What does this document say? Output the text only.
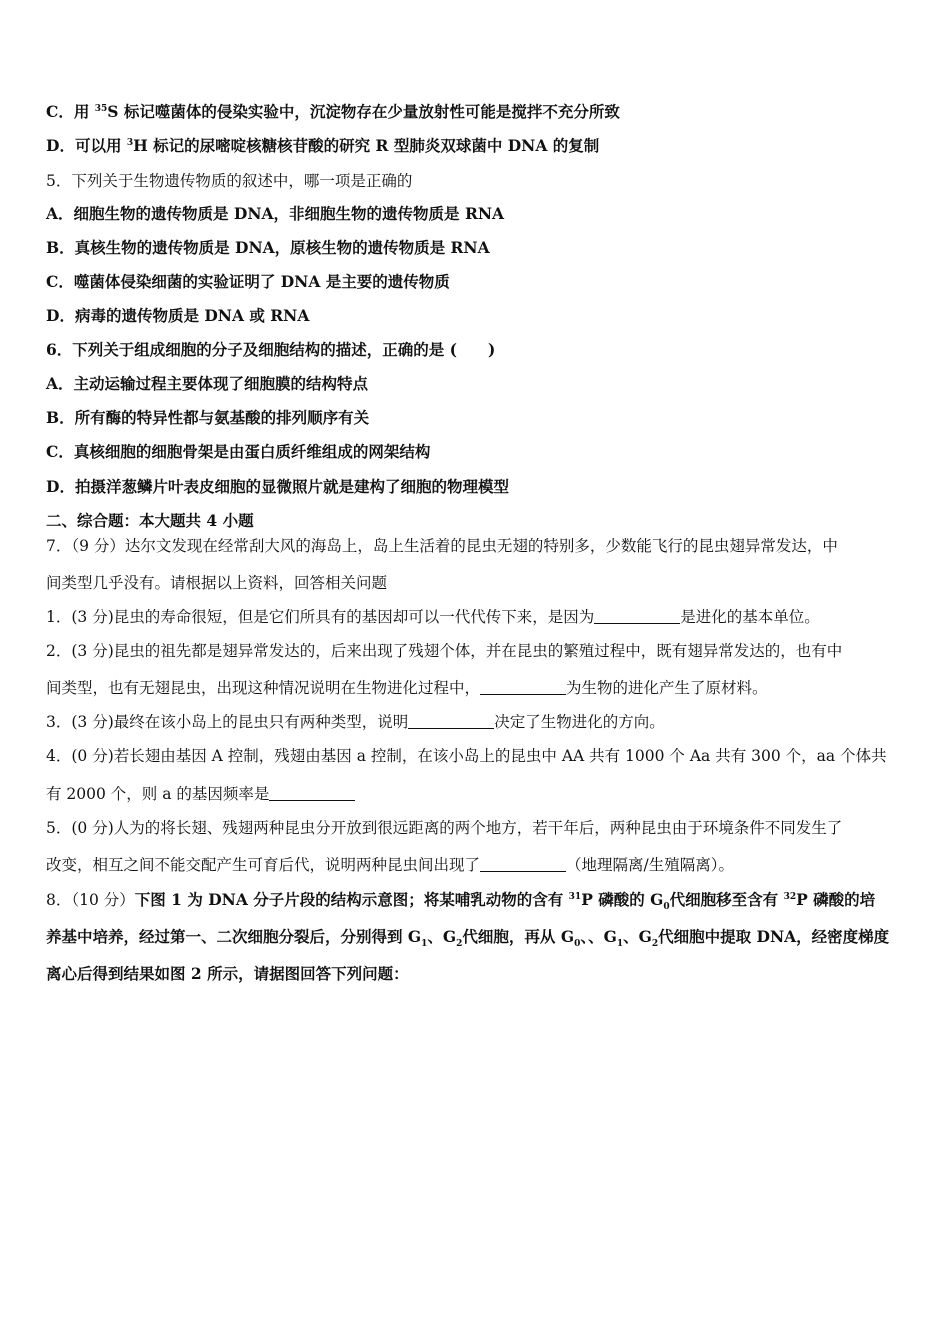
C．用 $^{35}$S 标记噬菌体的侵染实验中，沉淀物存在少量放射性可能是搅拌不充分所致
D．可以用 $^3$H 标记的尿嘧啶核糖核苷酸的研究 R 型肺炎双球菌中 DNA 的复制
5．下列关于生物遗传物质的叙述中，哪一项是正确的
A．细胞生物的遗传物质是 DNA，非细胞生物的遗传物质是 RNA
B．真核生物的遗传物质是 DNA，原核生物的遗传物质是 RNA
C．噬菌体侵染细菌的实验证明了 DNA 是主要的遗传物质
D．病毒的遗传物质是 DNA 或 RNA
6．下列关于组成细胞的分子及细胞结构的描述，正确的是 (　　)
A．主动运输过程主要体现了细胞膜的结构特点
B．所有酶的特异性都与氨基酸的排列顺序有关
C．真核细胞的细胞骨架是由蛋白质纤维组成的网架结构
D．拍摄洋葱鳞片叶表皮细胞的显微照片就是建构了细胞的物理模型
二、综合题：本大题共 4 小题
7．（9 分）达尔文发现在经常刮大风的海岛上，岛上生活着的昆虫无翅的特别多，少数能飞行的昆虫翅异常发达，中
间类型几乎没有。请根据以上资料，回答相关问题
1．(3 分)昆虫的寿命很短，但是它们所具有的基因却可以一代代传下来，是因为	是进化的基本单位。
2．(3 分)昆虫的祖先都是翅异常发达的，后来出现了残翅个体，并在昆虫的繁殖过程中，既有翅异常发达的，也有中
间类型，也有无翅昆虫，出现这种情况说明在生物进化过程中，	为生物的进化产生了原材料。
3．(3 分)最终在该小岛上的昆虫只有两种类型，说明	决定了生物进化的方向。
4．(0 分)若长翅由基因 A 控制，残翅由基因 a 控制，在该小岛上的昆虫中 AA 共有 1000 个 Aa 共有 300 个，aa 个体共
有 2000 个，则 a 的基因频率是
5．(0 分)人为的将长翅、残翅两种昆虫分开放到很远距离的两个地方，若干年后，两种昆虫由于环境条件不同发生了
改变，相互之间不能交配产生可育后代，说明两种昆虫间出现了	（地理隔离/生殖隔离）。
8．（10 分）下图 1 为 DNA 分子片段的结构示意图；将某哺乳动物的含有 $^{31}$P 磷酸的 $G_0$代细胞移至含有 $^{32}$P 磷酸的培
养基中培养，经过第一、二次细胞分裂后，分别得到 $G_1$、$G_2$代细胞，再从 $G_0$、、$G_1$、$G_2$代细胞中提取 DNA，经密度梯度
离心后得到结果如图 2 所示，请据图回答下列问题：
